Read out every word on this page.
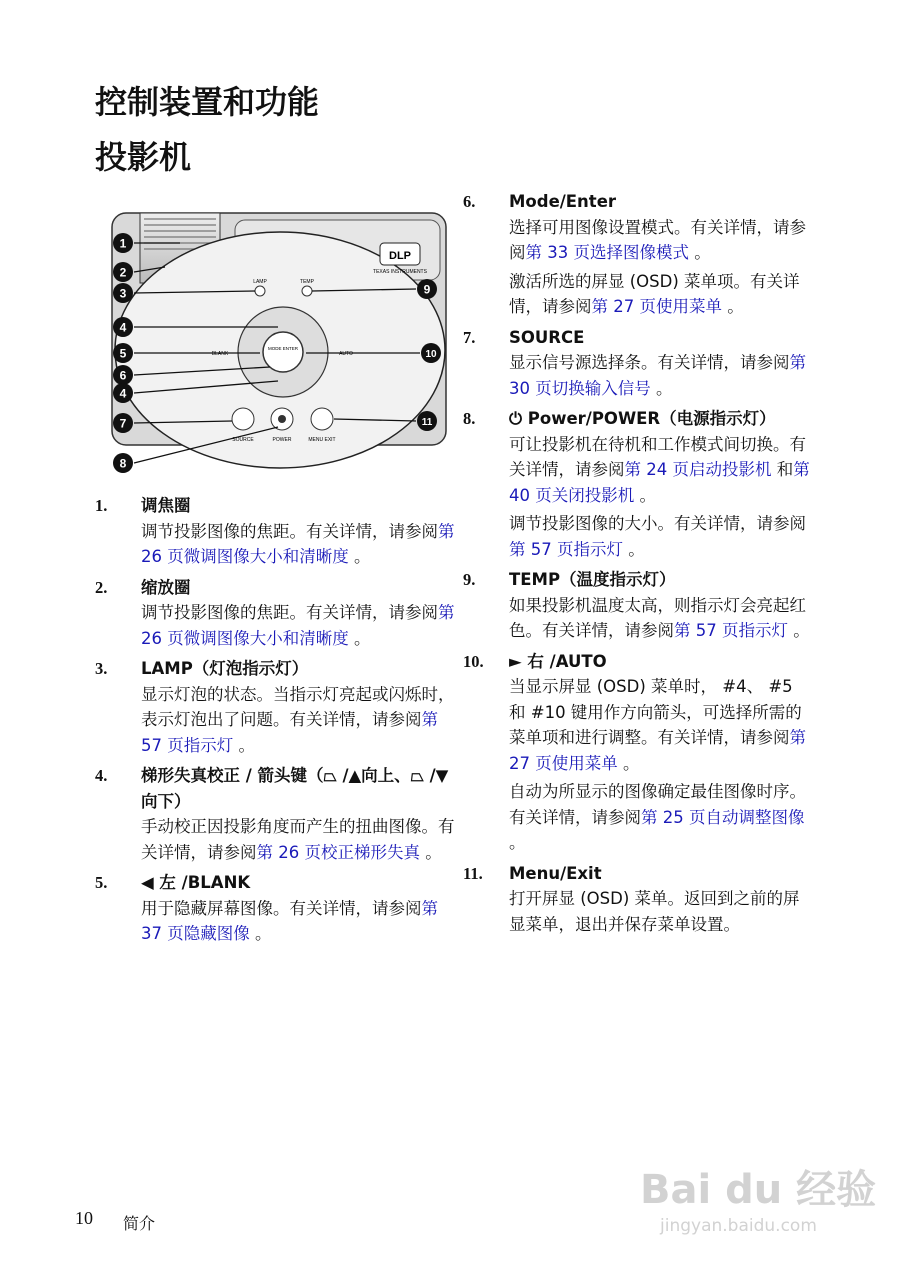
控制装置和功能
投影机
DLP
TEXAS INSTRUMENTS
LAMP	TEMP
MODE ENTER
BLANK	AUTO
SOURCE	POWER	MENU EXIT
1
2
3
4
5
6
4
7
8
9
10
11
1. 调焦圈

调节投影图像的焦距。有关详情，请参阅第 26 页微调图像大小和清晰度 。

2. 缩放圈

调节投影图像的焦距。有关详情，请参阅第 26 页微调图像大小和清晰度 。

3. LAMP（灯泡指示灯）

显示灯泡的状态。当指示灯亮起或闪烁时，表示灯泡出了问题。有关详情，请参阅第 57 页指示灯 。

4. 梯形失真校正 / 箭头键（⏢ /▲向上、⏢ /▼ 向下）

手动校正因投影角度而产生的扭曲图像。有关详情，请参阅第 26 页校正梯形失真 。

5. ◀ 左 /BLANK

用于隐藏屏幕图像。有关详情，请参阅第 37 页隐藏图像 。

6. Mode/Enter

选择可用图像设置模式。有关详情，请参阅第 33 页选择图像模式 。

激活所选的屏显 (OSD) 菜单项。有关详情，请参阅第 27 页使用菜单 。

7. SOURCE

显示信号源选择条。有关详情，请参阅第 30 页切换输入信号 。

8. ⏻ Power/POWER（电源指示灯）

可让投影机在待机和工作模式间切换。有关详情，请参阅第 24 页启动投影机 和第 40 页关闭投影机 。

调节投影图像的大小。有关详情，请参阅第 57 页指示灯 。

9. TEMP（温度指示灯）

如果投影机温度太高，则指示灯会亮起红色。有关详情，请参阅第 57 页指示灯 。

10. ► 右 /AUTO

当显示屏显 (OSD) 菜单时， #4、 #5 和 #10 键用作方向箭头，可选择所需的菜单项和进行调整。有关详情，请参阅第 27 页使用菜单 。

自动为所显示的图像确定最佳图像时序。有关详情，请参阅第 25 页自动调整图像 。

11. Menu/Exit

打开屏显 (OSD) 菜单。返回到之前的屏显菜单，退出并保存菜单设置。

10 简介
Bai du 经验
jingyan.baidu.com
